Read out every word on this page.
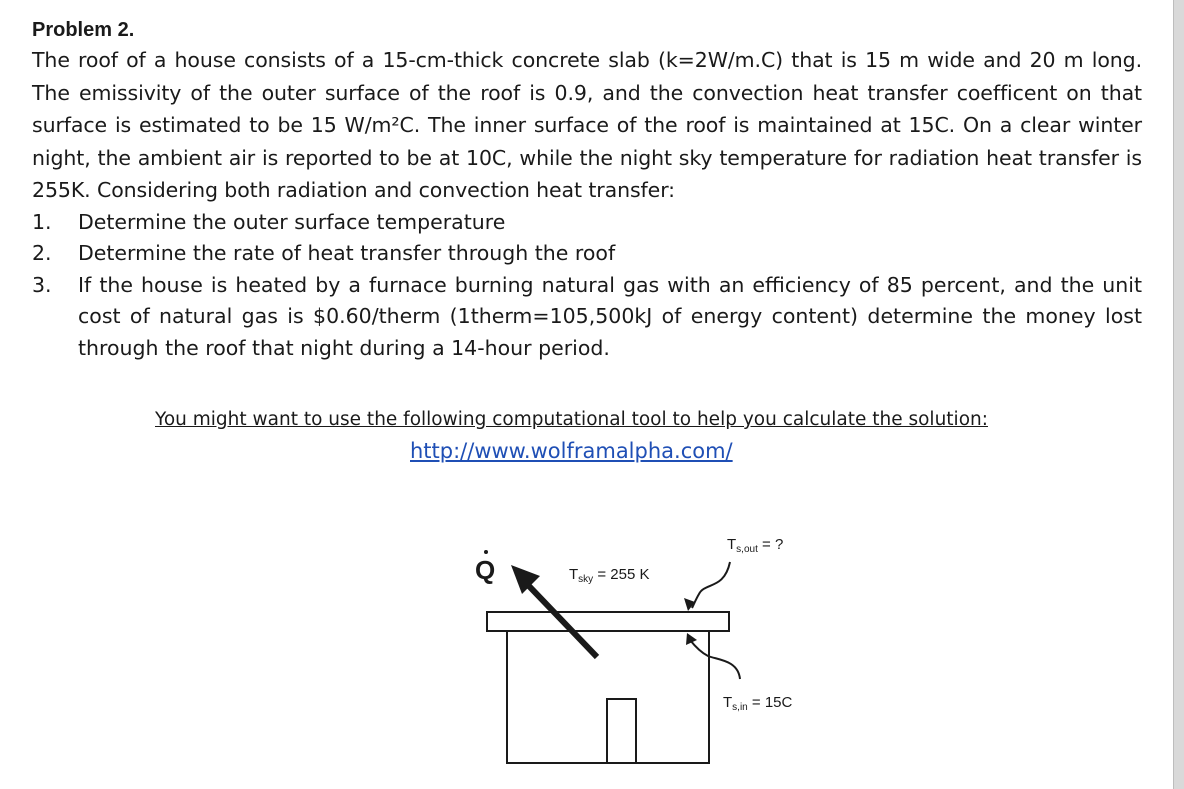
Problem 2.

The roof of a house consists of a 15-cm-thick concrete slab (k=2W/m.C) that is 15 m wide and 20 m long. The emissivity of the outer surface of the roof is 0.9, and the convection heat transfer coefficent on that surface is estimated to be 15 W/m²C. The inner surface of the roof is maintained at 15C. On a clear winter night, the ambient air is reported to be at 10C, while the night sky temperature for radiation heat transfer is 255K. Considering both radiation and convection heat transfer:

1. Determine the outer surface temperature
2. Determine the rate of heat transfer through the roof
3. If the house is heated by a furnace burning natural gas with an efficiency of 85 percent, and the unit cost of natural gas is $0.60/therm (1therm=105,500kJ of energy content) determine the money lost through the roof that night during a 14-hour period.

You might want to use the following computational tool to help you calculate the solution:

http://www.wolframalpha.com/
Q	$T_{sky} = 255$ K
$T_{s,out}$ = ?
$T_{s,in} = 15C$
